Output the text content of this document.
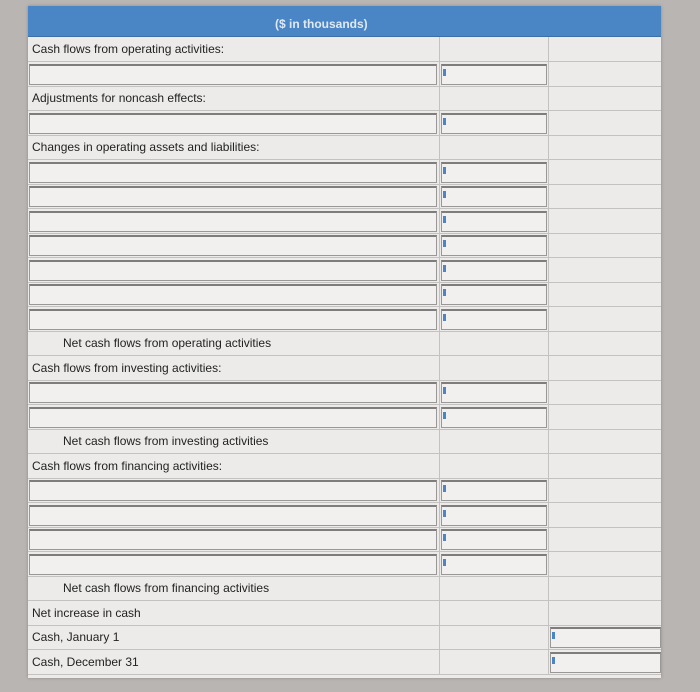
($ in thousands)
Cash flows from operating activities:
Adjustments for noncash effects:
Changes in operating assets and liabilities:
Net cash flows from operating activities
Cash flows from investing activities:
Net cash flows from investing activities
Cash flows from financing activities:
Net cash flows from financing activities
Net increase in cash
Cash, January 1
Cash, December 31
